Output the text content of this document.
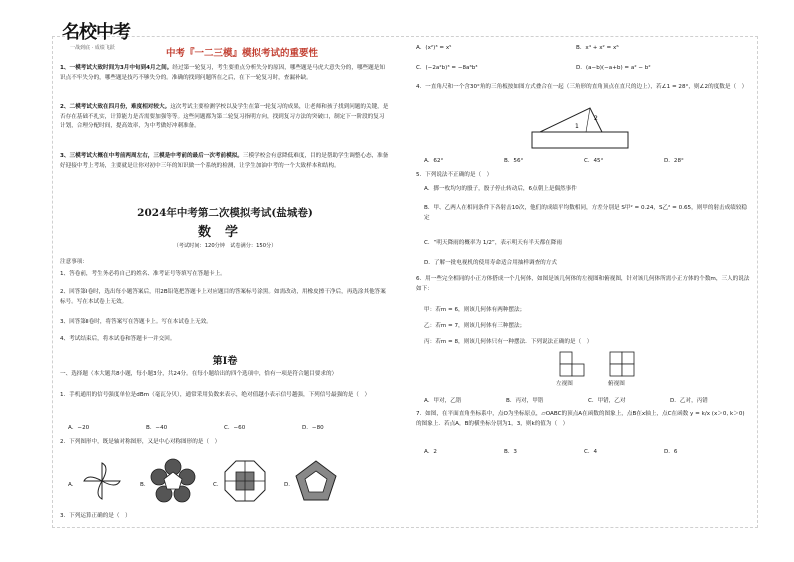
名校中考
一战到底 · 成绩飞跃	中考『一二三模』模拟考试的重要性
1、一模考试大致时间为3月中旬到4月之间。经过第一轮复习，考生要重点分析失分的原因，哪些题是马虎大意失分的，哪些题是知识点不牢失分的，哪些题是技巧不够失分的。准确的找到问题所在之后，在下一轮复习时，查漏补缺。
2、二模考试大致在四月份，难度相对较大。这次考试主要检测学校以及学生在第一轮复习的成果，让老师和孩子找到问题的关键，是否存在基础不扎实，计算能力是否需要加强等等。这些问题都为第二轮复习指明方向，找到复习方法的突破口，制定下一阶段的复习计划，合理分配时间，提高效率，为中考做好冲刺准备。
3、三模考试大概在中考前两周左右，三模是中考前的最后一次考前模拟。三模学校会有意降低难度，目的是帮助学生调整心态，准备好迎接中考上考场，主要就是让你对初中三年的知识做一个系统的检测，让学生加油中考的一个大致样本和结构。
2024年中考第二次模拟考试(盐城卷)
数学
（考试时间：120分钟　试卷满分：150分）
注意事项：
1、答卷前，考生务必将自己的姓名、准考证号等填写在答题卡上。
2、回答第Ⅰ卷时，选出每小题答案后，用2B铅笔把答题卡上对应题目的答案标号涂黑。如需改动，用橡皮擦干净后，再选涂其他答案标号。写在本试卷上无效。
3、回答第Ⅱ卷时，将答案写在答题卡上。写在本试卷上无效。
4、考试结束后，将本试卷和答题卡一并交回。
第Ⅰ卷
一、选择题（本大题共8小题，每小题3分，共24分。在每小题给出的四个选项中，恰有一项是符合题目要求的）
1．手机通用的信号强度单位是dBm（毫瓦分贝），通常采用负数来表示，绝对值越小表示信号越强，下列信号最强的是（　）
A．−20	B．−40	C．−60	D．−80
2．下列图形中，既是轴对称图形，又是中心对称图形的是（　）
A.	B.	C.	D.
3．下列运算正确的是（　）
A．(x²)³ = x⁵	B．x⁴ + x² = x⁶
C．(−2a²b)³ = −8a⁶b³	D．(a−b)(−a+b) = a² − b²
4．一直角尺和一个含30°角的三角板按如图方式叠合在一起（三角形的直角顶点在直尺的边上），若∠1 = 28°，则∠2的度数是（　）
1
2
A．62°	B．56°	C．45°	D．28°
5．下列说法不正确的是（　）
A．掷一枚均匀的骰子，骰子停止转动后，6点朝上是偶然事件
B．甲、乙两人在相同条件下各射击10次，他们的成绩平均数相同，方差分别是 S甲² = 0.24，S乙² = 0.65，则甲的射击成绩较稳定
C．“明天降雨的概率为 1/2”，表示明天有半天都在降雨
D．了解一批电视机的使用寿命适合用抽样调查的方式
6．用一些完全相同的小正方体搭成一个几何体，如图是该几何体的左视图和俯视图，针对该几何体所需小正方体的个数m，三人的说法如下：
甲：若m = 6，则该几何体有两种摆法；
乙：若m = 7，则该几何体有三种摆法；
丙：若m = 8，则该几何体只有一种摆法．下列说法正确的是（　）
左视图	俯视图
A．甲对，乙错	B．丙对，甲错	C．甲错，乙对	D．乙对，丙错
7．如图，在平面直角坐标系中，点O为坐标原点，▱OABC的顶点A在函数的图象上，点B在x轴上，点C在函数 y = k/x (x＞0, k＞0) 的图象上．若点A，B的横坐标分别为1，3，则k的值为（　）
A．2	B．3	C．4	D．6
